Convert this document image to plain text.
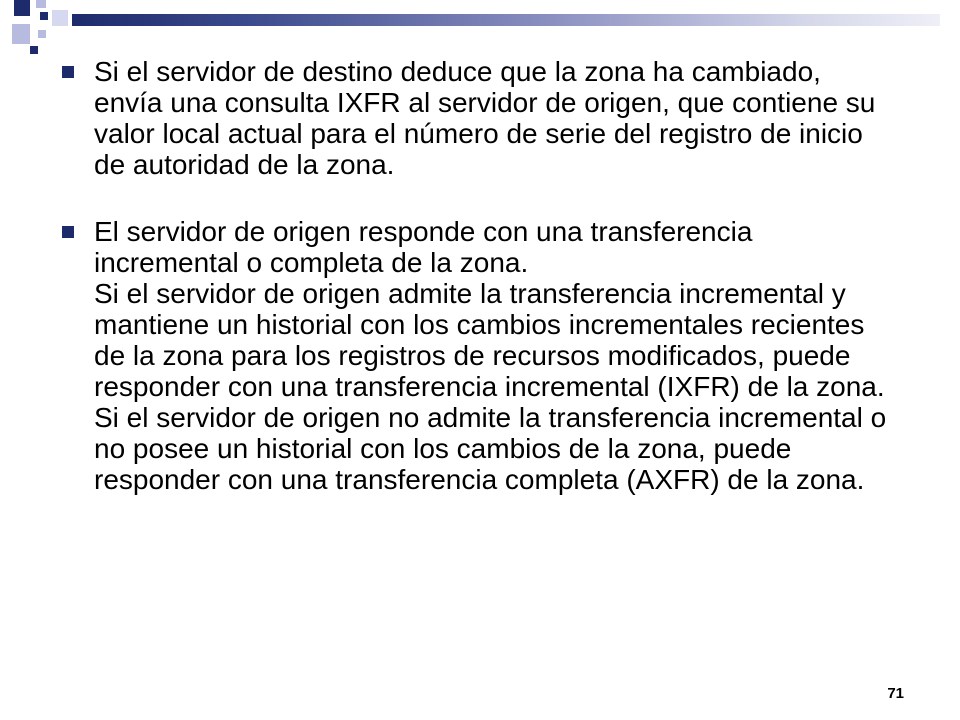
Si el servidor de destino deduce que la zona ha cambiado, envía una consulta IXFR al servidor de origen, que contiene su valor local actual para el número de serie del registro de inicio de autoridad de la zona.
El servidor de origen responde con una transferencia incremental o completa de la zona.
Si el servidor de origen admite la transferencia incremental y mantiene un historial con los cambios incrementales recientes de la zona para los registros de recursos modificados, puede responder con una transferencia incremental (IXFR) de la zona.
Si el servidor de origen no admite la transferencia incremental o no posee un historial con los cambios de la zona, puede responder con una transferencia completa (AXFR) de la zona.
71
